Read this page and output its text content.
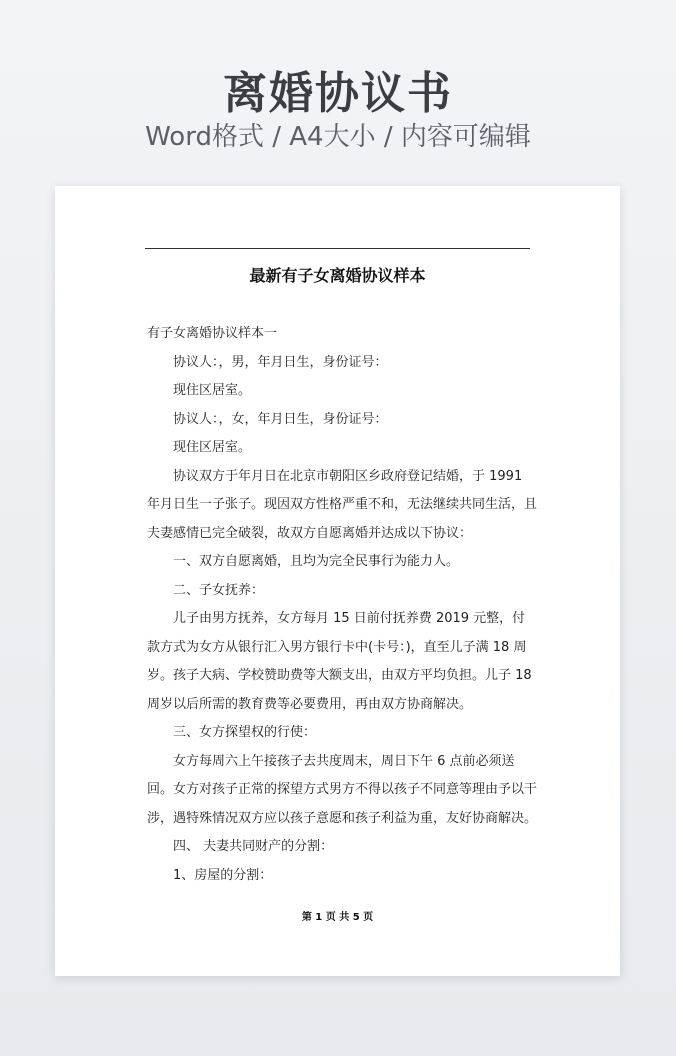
离婚协议书
Word格式 / A4大小 / 内容可编辑
最新有子女离婚协议样本

有子女离婚协议样本一

协议人：，男，年月日生，身份证号：

现住区居室。

协议人：，女，年月日生，身份证号：

现住区居室。

协议双方于年月日在北京市朝阳区乡政府登记结婚，于 1991 年月日生一子张子。现因双方性格严重不和，无法继续共同生活，且夫妻感情已完全破裂，故双方自愿离婚并达成以下协议：

一、双方自愿离婚，且均为完全民事行为能力人。

二、子女抚养：

儿子由男方抚养，女方每月 15 日前付抚养费 2019 元整，付款方式为女方从银行汇入男方银行卡中(卡号：)，直至儿子满 18 周岁。孩子大病、学校赞助费等大额支出，由双方平均负担。儿子 18 周岁以后所需的教育费等必要费用，再由双方协商解决。

三、女方探望权的行使：

女方每周六上午接孩子去共度周末，周日下午 6 点前必须送回。女方对孩子正常的探望方式男方不得以孩子不同意等理由予以干涉，遇特殊情况双方应以孩子意愿和孩子利益为重，友好协商解决。

四、 夫妻共同财产的分割：

1、房屋的分割：

第 1 页 共 5 页
